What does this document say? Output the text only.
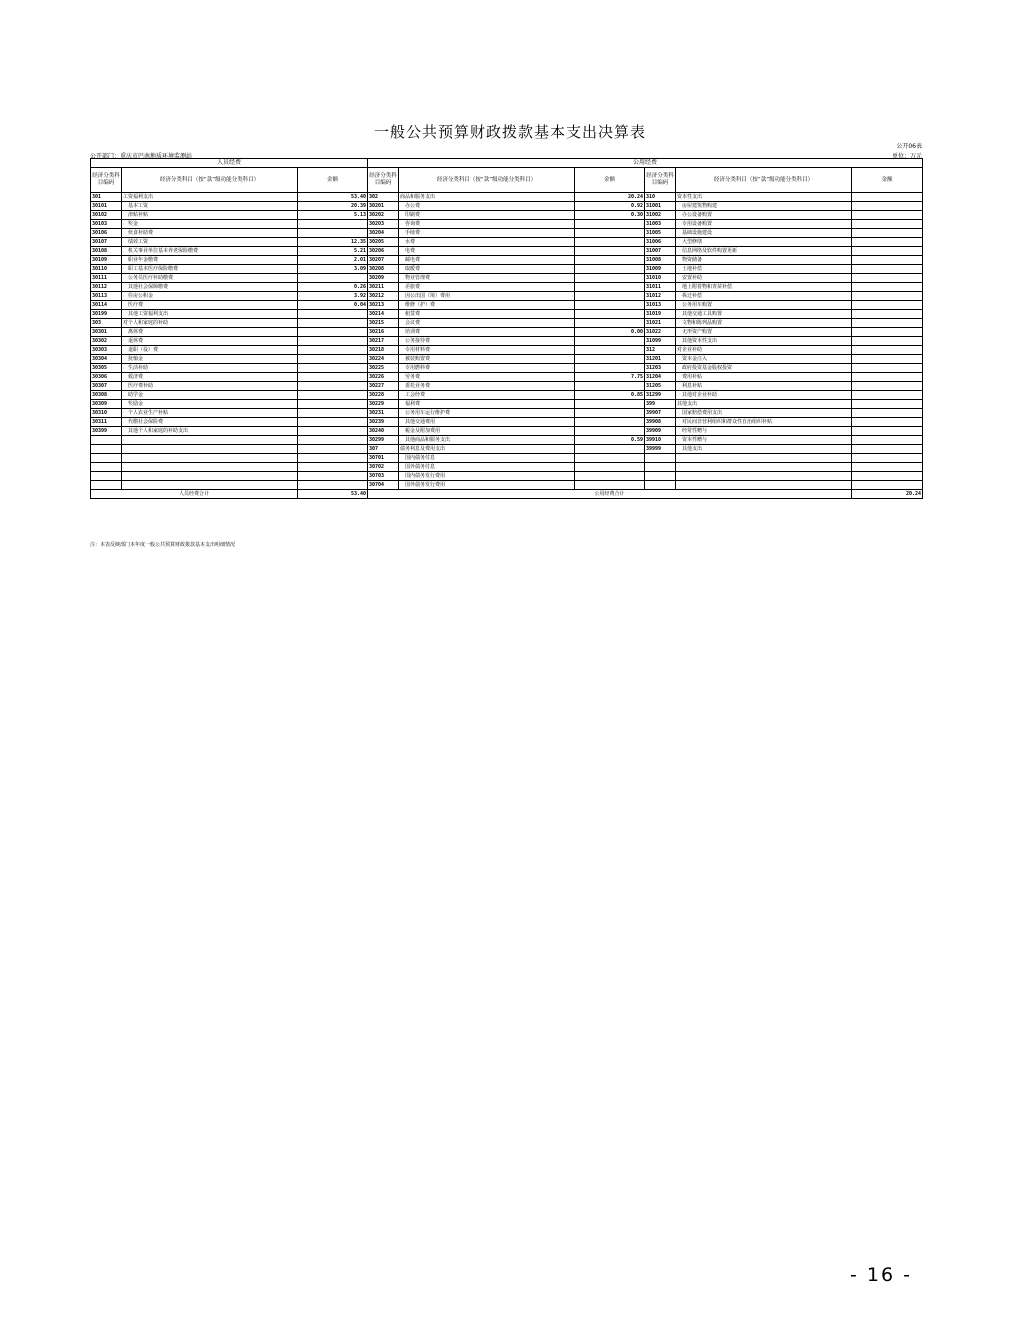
一般公共预算财政拨款基本支出决算表
公开06表
公开部门：重庆市巴南地质环境监测站	单位：万元
人员经费			公用经费					
经济分类科目编码	经济分类科目（按“款”级功能分类科目）	金额	经济分类科目编码	经济分类科目（按“款”级功能分类科目）	金额	经济分类科目编码	经济分类科目（按“款”级功能分类科目）	金额
301	工资福利支出	53.40	302	商品和服务支出	20.24	310	资本性支出	
30101	基本工资	20.39	30201	办公费	0.92	31001	房屋建筑物购建	
30102	津贴补贴	5.13	30202	印刷费	0.30	31002	办公设备购置	
30103	奖金		30203	咨询费		31003	专用设备购置	
30106	伙食补助费		30204	手续费		31005	基础设施建设	
30107	绩效工资	12.35	30205	水费		31006	大型修缮	
30108	机关事业单位基本养老保险缴费	5.21	30206	电费		31007	信息网络及软件购置更新	
30109	职业年金缴费	2.01	30207	邮电费		31008	物资储备	
30110	职工基本医疗保险缴费	3.09	30208	取暖费		31009	土地补偿	
30111	公务员医疗补助缴费		30209	物业管理费		31010	安置补助	
30112	其他社会保障缴费	0.26	30211	差旅费		31011	地上附着物和青苗补偿	
30113	住房公积金	3.92	30212	因公出国（境）费用		31012	拆迁补偿	
30114	医疗费	0.04	30213	维修（护）费		31013	公务用车购置	
30199	其他工资福利支出		30214	租赁费		31019	其他交通工具购置	
303	对个人和家庭的补助		30215	会议费		31021	文物和陈列品购置	
30301	离休费		30216	培训费	0.00	31022	无形资产购置	
30302	退休费		30217	公务接待费		31099	其他资本性支出	
30303	退职（役）费		30218	专用材料费		312	对企业补助	
30304	抚恤金		30224	被装购置费		31201	资本金注入	
30305	生活补助		30225	专用燃料费		31203	政府投资基金股权投资	
30306	救济费		30226	劳务费	7.75	31204	费用补贴	
30307	医疗费补助		30227	委托业务费		31205	利息补贴	
30308	助学金		30228	工会经费	0.85	31299	其他对企业补助	
30309	奖励金		30229	福利费		399	其他支出	
30310	个人农业生产补贴		30231	公务用车运行维护费		39907	国家赔偿费用支出	
30311	代缴社会保险费		30239	其他交通费用		39908	对民间非营利组织和群众性自治组织补贴	
30399	其他个人和家庭的补助支出		30240	税金及附加费用		39909	经常性赠与	
			30299	其他商品和服务支出	0.59	39910	资本性赠与	
			307	债务利息及费用支出		39999	其他支出	
			30701	国内债务付息				
			30702	国外债务付息				
			30703	国内债务发行费用				
			30704	国外债务发行费用				
人员经费合计		53.40	公用经费合计					20.24
注：本表反映部门本年度一般公共预算财政拨款基本支出明细情况
- 16 -
